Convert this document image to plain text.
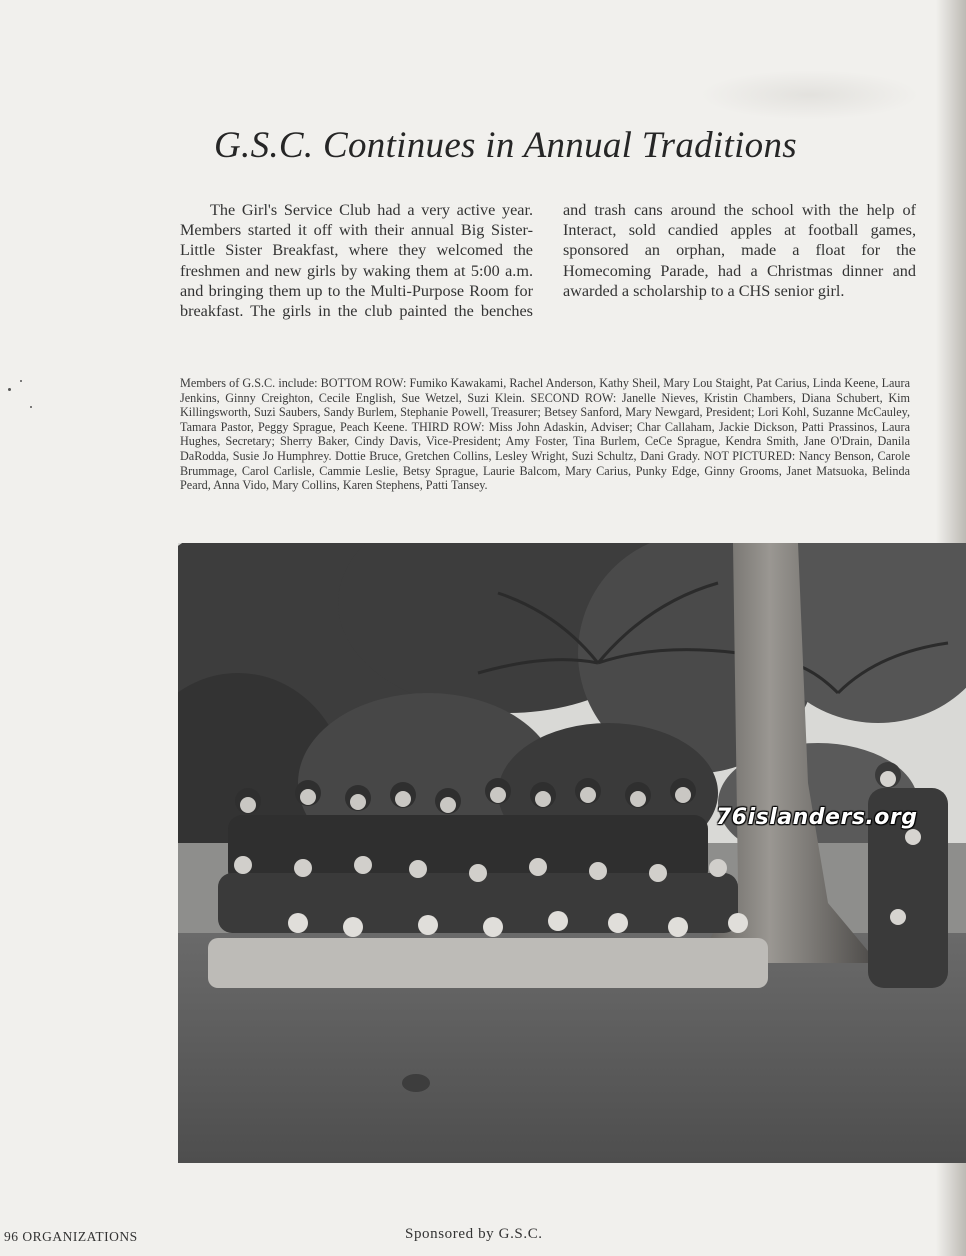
G.S.C. Continues in Annual Traditions

The Girl's Service Club had a very active year. Members started it off with their annual Big Sister-Little Sister Breakfast, where they welcomed the freshmen and new girls by waking them at 5:00 a.m. and bringing them up to the Multi-Purpose Room for breakfast. The girls in the club painted the benches and trash cans around the school with the help of Interact, sold candied apples at football games, sponsored an orphan, made a float for the Homecoming Parade, had a Christmas dinner and awarded a scholarship to a CHS senior girl.

Members of G.S.C. include: BOTTOM ROW: Fumiko Kawakami, Rachel Anderson, Kathy Sheil, Mary Lou Staight, Pat Carius, Linda Keene, Laura Jenkins, Ginny Creighton, Cecile English, Sue Wetzel, Suzi Klein. SECOND ROW: Janelle Nieves, Kristin Chambers, Diana Schubert, Kim Killingsworth, Suzi Saubers, Sandy Burlem, Stephanie Powell, Treasurer; Betsey Sanford, Mary Newgard, President; Lori Kohl, Suzanne McCauley, Tamara Pastor, Peggy Sprague, Peach Keene. THIRD ROW: Miss John Adaskin, Adviser; Char Callaham, Jackie Dickson, Patti Prassinos, Laura Hughes, Secretary; Sherry Baker, Cindy Davis, Vice-President; Amy Foster, Tina Burlem, CeCe Sprague, Kendra Smith, Jane O'Drain, Danila DaRodda, Susie Jo Humphrey. Dottie Bruce, Gretchen Collins, Lesley Wright, Suzi Schultz, Dani Grady. NOT PICTURED: Nancy Benson, Carole Brummage, Carol Carlisle, Cammie Leslie, Betsy Sprague, Laurie Balcom, Mary Carius, Punky Edge, Ginny Grooms, Janet Matsuoka, Belinda Peard, Anna Vido, Mary Collins, Karen Stephens, Patti Tansey.
76islanders.org
96 ORGANIZATIONS	Sponsored by G.S.C.
